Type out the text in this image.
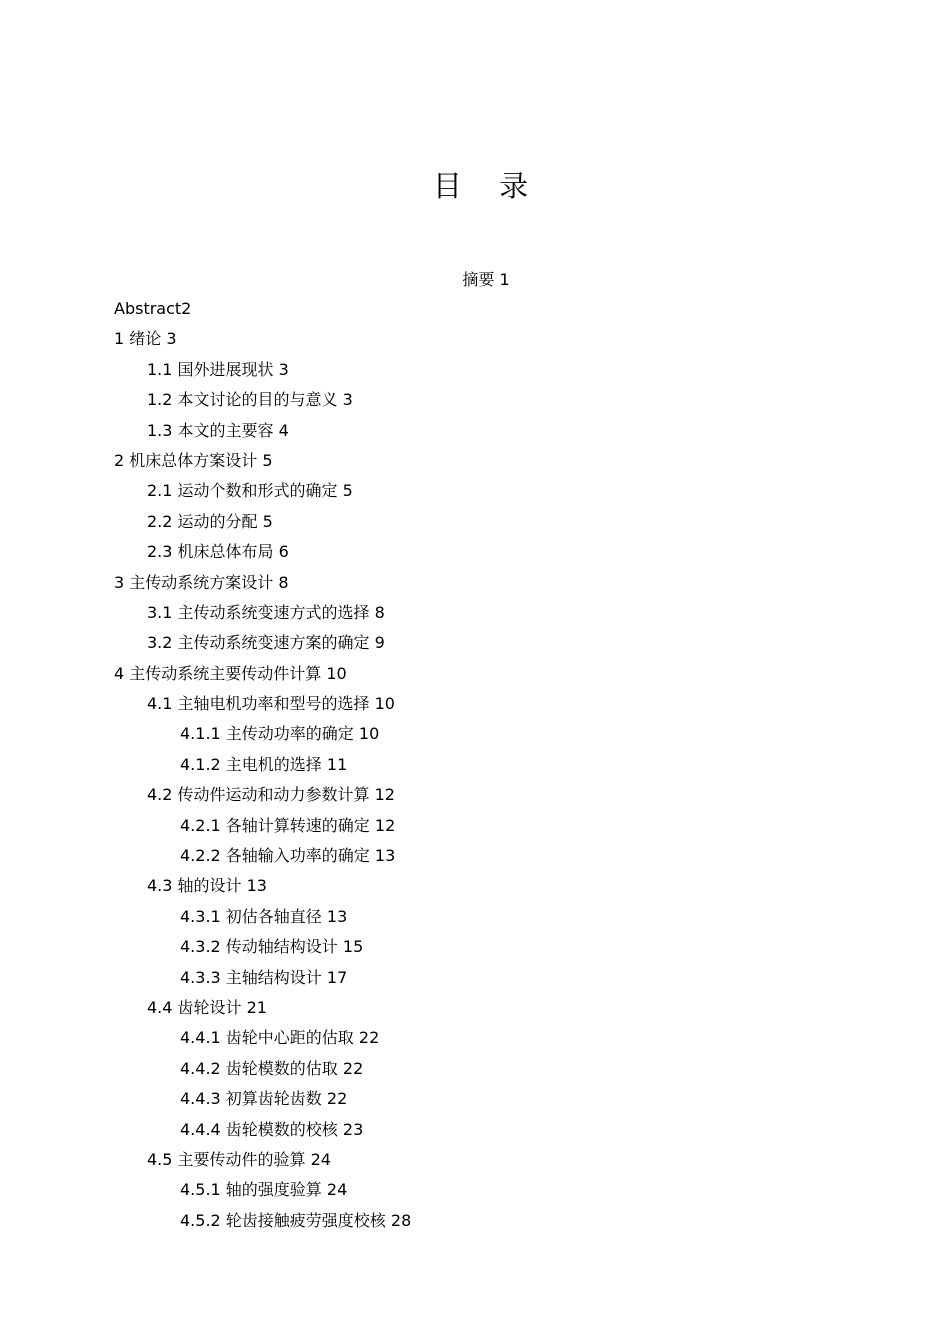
目 录
摘要 1
Abstract2
1 绪论 3
1.1 国外进展现状 3
1.2 本文讨论的目的与意义 3
1.3 本文的主要容 4
2 机床总体方案设计 5
2.1 运动个数和形式的确定 5
2.2 运动的分配 5
2.3 机床总体布局 6
3 主传动系统方案设计 8
3.1 主传动系统变速方式的选择 8
3.2 主传动系统变速方案的确定 9
4 主传动系统主要传动件计算 10
4.1 主轴电机功率和型号的选择 10
4.1.1 主传动功率的确定 10
4.1.2 主电机的选择 11
4.2 传动件运动和动力参数计算 12
4.2.1 各轴计算转速的确定 12
4.2.2 各轴输入功率的确定 13
4.3 轴的设计 13
4.3.1 初估各轴直径 13
4.3.2 传动轴结构设计 15
4.3.3 主轴结构设计 17
4.4 齿轮设计 21
4.4.1 齿轮中心距的估取 22
4.4.2 齿轮模数的估取 22
4.4.3 初算齿轮齿数 22
4.4.4 齿轮模数的校核 23
4.5 主要传动件的验算 24
4.5.1 轴的强度验算 24
4.5.2 轮齿接触疲劳强度校核 28
